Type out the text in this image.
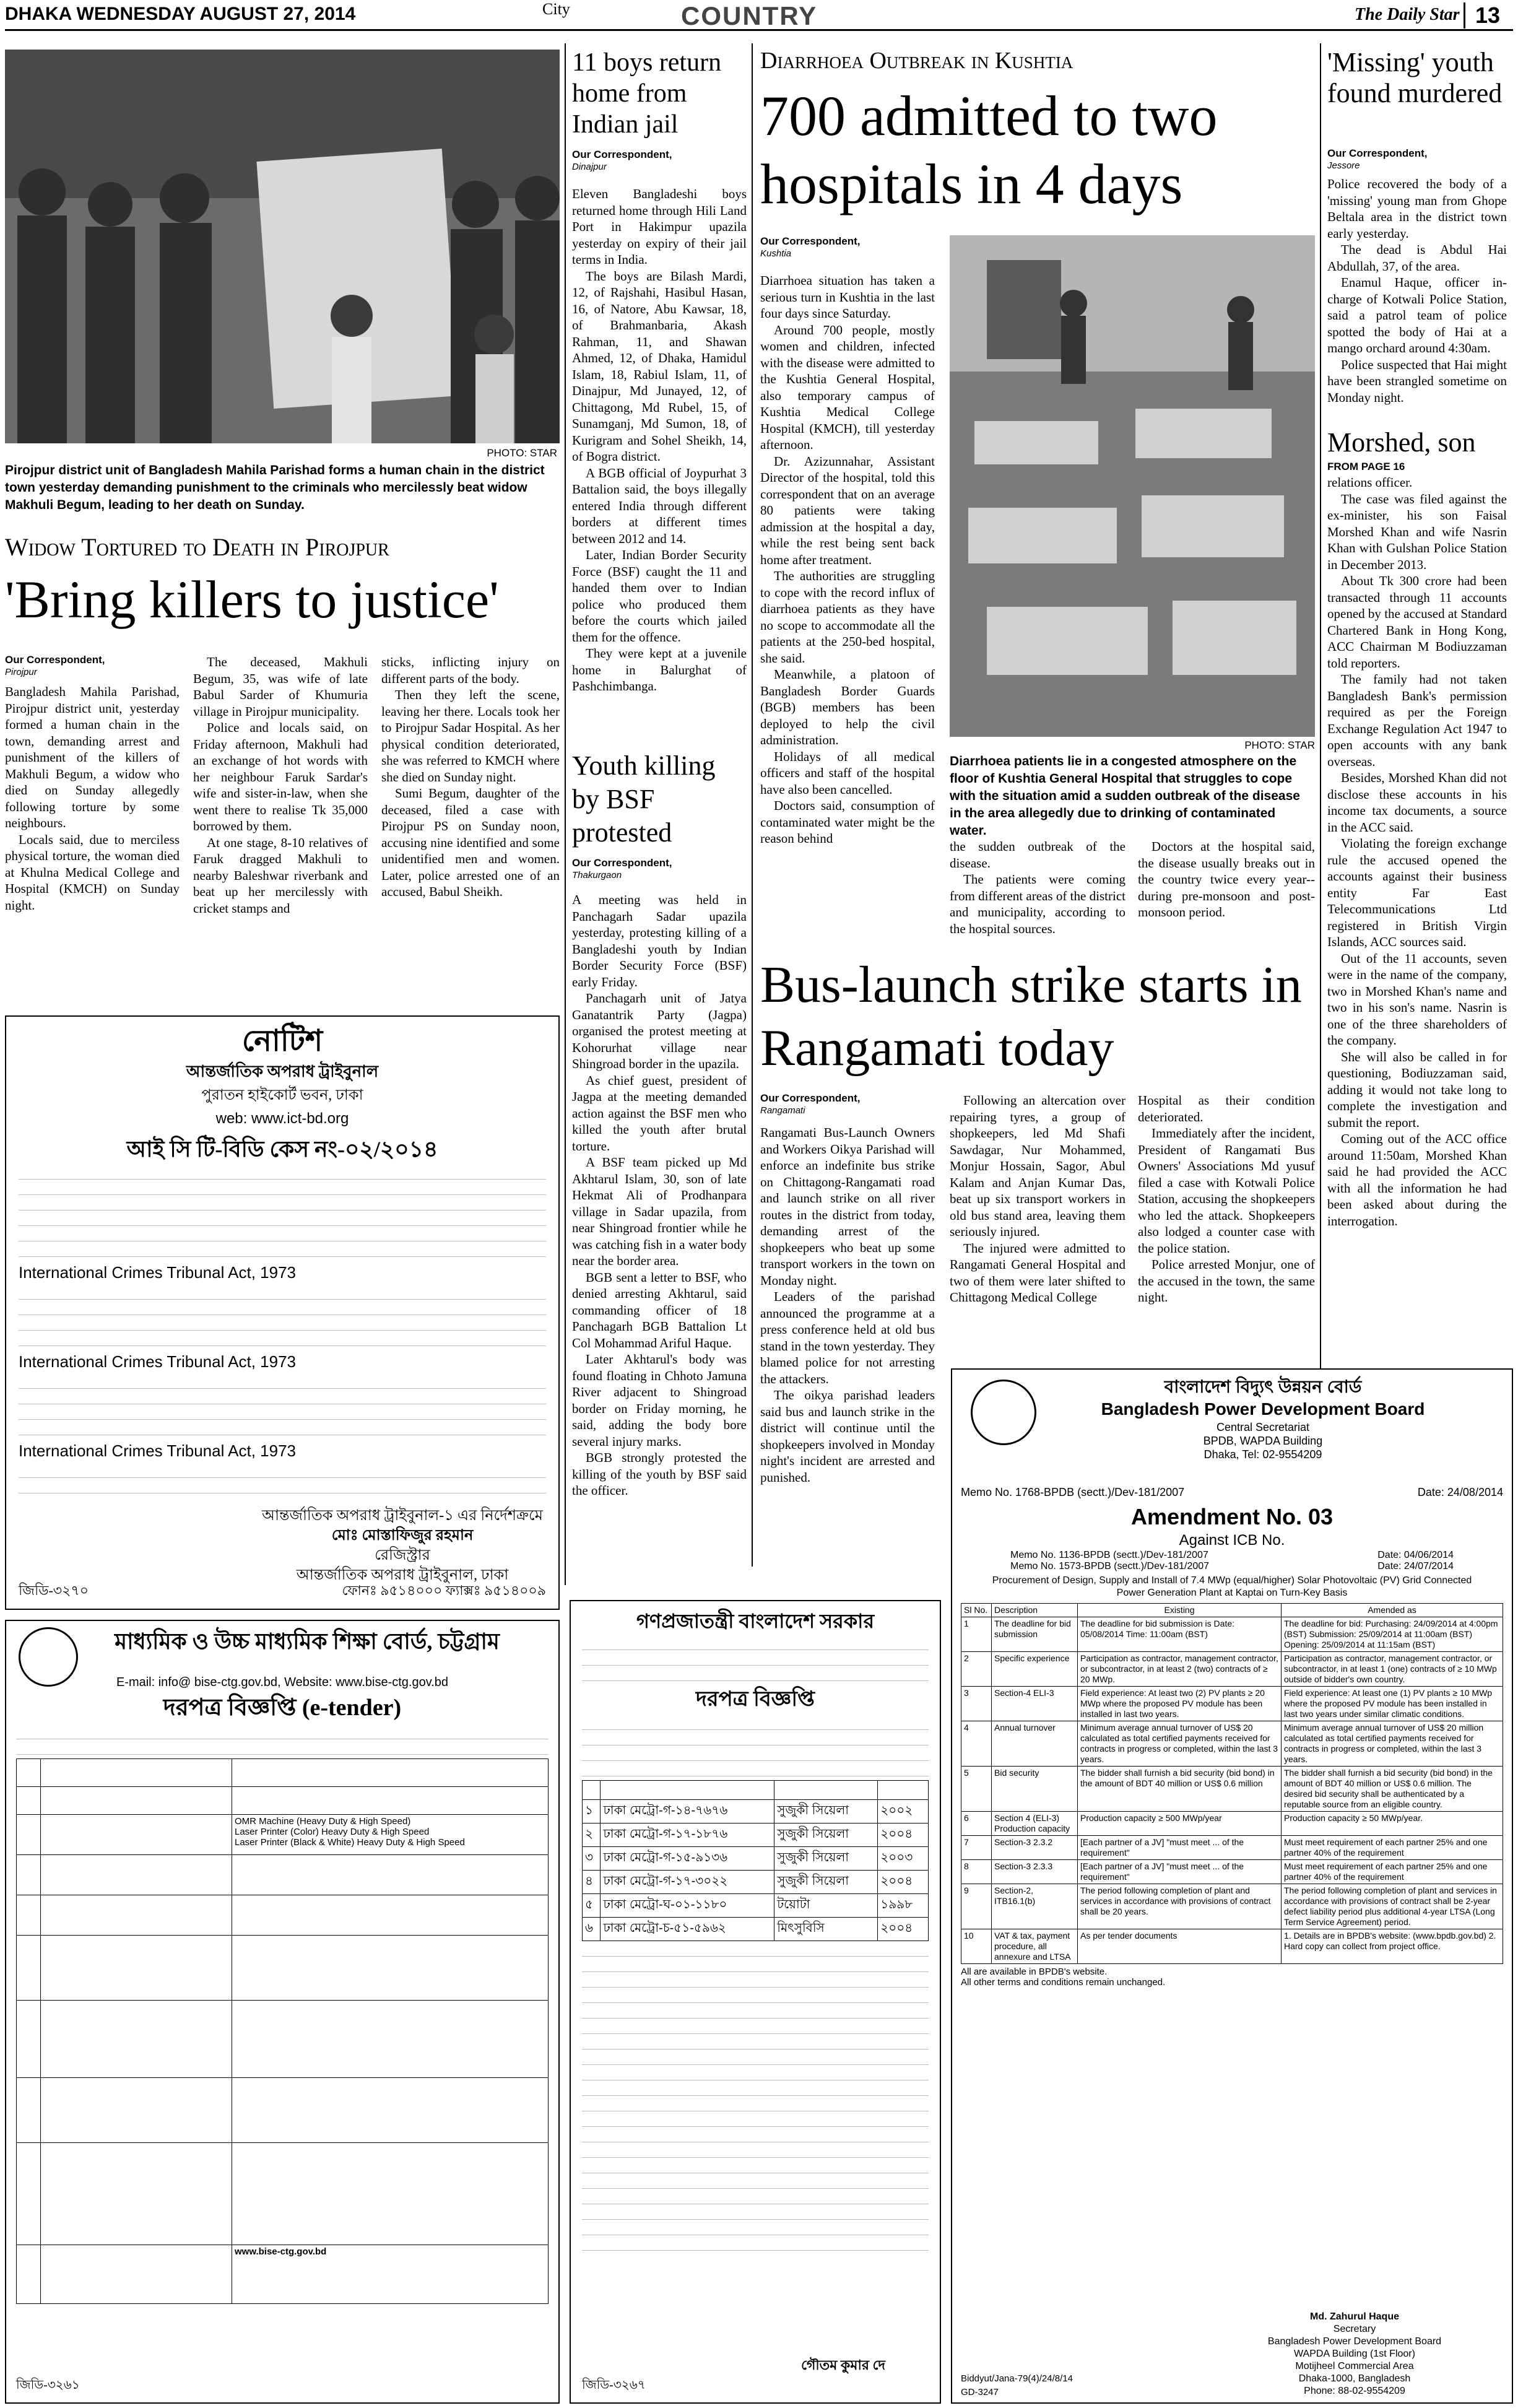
DHAKA WEDNESDAY AUGUST 27, 2014	City	COUNTRY	The Daily Star 13
PHOTO: STAR
Pirojpur district unit of Bangladesh Mahila Parishad forms a human chain in the district town yesterday demanding punishment to the criminals who mercilessly beat widow Makhuli Begum, leading to her death on Sunday.
Widow Tortured to Death in Pirojpur
'Bring killers to justice'
Our Correspondent,
Pirojpur

Bangladesh Mahila Parishad, Pirojpur district unit, yesterday formed a human chain in the town, demanding arrest and punishment of the killers of Makhuli Begum, a widow who died on Sunday allegedly following torture by some neighbours.

Locals said, due to merciless physical torture, the woman died at Khulna Medical College and Hospital (KMCH) on Sunday night.

The deceased, Makhuli Begum, 35, was wife of late Babul Sarder of Khumuria village in Pirojpur municipality.

Police and locals said, on Friday afternoon, Makhuli had an exchange of hot words with her neighbour Faruk Sardar's wife and sister-in-law, when she went there to realise Tk 35,000 borrowed by them.

At one stage, 8-10 relatives of Faruk dragged Makhuli to nearby Baleshwar riverbank and beat up her mercilessly with cricket stamps and

sticks, inflicting injury on different parts of the body.

Then they left the scene, leaving her there. Locals took her to Pirojpur Sadar Hospital. As her physical condition deteriorated, she was referred to KMCH where she died on Sunday night.

Sumi Begum, daughter of the deceased, filed a case with Pirojpur PS on Sunday noon, accusing nine identified and some unidentified men and women. Later, police arrested one of an accused, Babul Sheikh.

11 boys return home from Indian jail
Our Correspondent,
Dinajpur

Eleven Bangladeshi boys returned home through Hili Land Port in Hakimpur upazila yesterday on expiry of their jail terms in India.

The boys are Bilash Mardi, 12, of Rajshahi, Hasibul Hasan, 16, of Natore, Abu Kawsar, 18, of Brahmanbaria, Akash Rahman, 11, and Shawan Ahmed, 12, of Dhaka, Hamidul Islam, 18, Rabiul Islam, 11, of Dinajpur, Md Junayed, 12, of Chittagong, Md Rubel, 15, of Sunamganj, Md Sumon, 18, of Kurigram and Sohel Sheikh, 14, of Bogra district.

A BGB official of Joypurhat 3 Battalion said, the boys illegally entered India through different borders at different times between 2012 and 14.

Later, Indian Border Security Force (BSF) caught the 11 and handed them over to Indian police who produced them before the courts which jailed them for the offence.

They were kept at a juvenile home in Balurghat of Pashchimbanga.

Youth killing by BSF protested
Our Correspondent,
Thakurgaon

A meeting was held in Panchagarh Sadar upazila yesterday, protesting killing of a Bangladeshi youth by Indian Border Security Force (BSF) early Friday.

Panchagarh unit of Jatya Ganatantrik Party (Jagpa) organised the protest meeting at Kohorurhat village near Shingroad border in the upazila.

As chief guest, president of Jagpa at the meeting demanded action against the BSF men who killed the youth after brutal torture.

A BSF team picked up Md Akhtarul Islam, 30, son of late Hekmat Ali of Prodhanpara village in Sadar upazila, from near Shingroad frontier while he was catching fish in a water body near the border area.

BGB sent a letter to BSF, who denied arresting Akhtarul, said commanding officer of 18 Panchagarh BGB Battalion Lt Col Mohammad Ariful Haque.

Later Akhtarul's body was found floating in Chhoto Jamuna River adjacent to Shingroad border on Friday morning, he said, adding the body bore several injury marks.

BGB strongly protested the killing of the youth by BSF said the officer.

Diarrhoea Outbreak in Kushtia
700 admitted to two hospitals in 4 days
Our Correspondent,
Kushtia

Diarrhoea situation has taken a serious turn in Kushtia in the last four days since Saturday.

Around 700 people, mostly women and children, infected with the disease were admitted to the Kushtia General Hospital, also temporary campus of Kushtia Medical College Hospital (KMCH), till yesterday afternoon.

Dr. Azizunnahar, Assistant Director of the hospital, told this correspondent that on an average 80 patients were taking admission at the hospital a day, while the rest being sent back home after treatment.

The authorities are struggling to cope with the record influx of diarrhoea patients as they have no scope to accommodate all the patients at the 250-bed hospital, she said.

Meanwhile, a platoon of Bangladesh Border Guards (BGB) members has been deployed to help the civil administration.

Holidays of all medical officers and staff of the hospital have also been cancelled.

Doctors said, consumption of contaminated water might be the reason behind

PHOTO: STAR
Diarrhoea patients lie in a congested atmosphere on the floor of Kushtia General Hospital that struggles to cope with the situation amid a sudden outbreak of the disease in the area allegedly due to drinking of contaminated water.

the sudden outbreak of the disease.

The patients were coming from different areas of the district and municipality, according to the hospital sources.

Doctors at the hospital said, the disease usually breaks out in the country twice every year--during pre-monsoon and post-monsoon period.

'Missing' youth found murdered
Our Correspondent,
Jessore

Police recovered the body of a 'missing' young man from Ghope Beltala area in the district town early yesterday.

The dead is Abdul Hai Abdullah, 37, of the area.

Enamul Haque, officer in-charge of Kotwali Police Station, said a patrol team of police spotted the body of Hai at a mango orchard around 4:30am.

Police suspected that Hai might have been strangled sometime on Monday night.

Morshed, son
FROM PAGE 16

relations officer.

The case was filed against the ex-minister, his son Faisal Morshed Khan and wife Nasrin Khan with Gulshan Police Station in December 2013.

About Tk 300 crore had been transacted through 11 accounts opened by the accused at Standard Chartered Bank in Hong Kong, ACC Chairman M Bodiuzzaman told reporters.

The family had not taken Bangladesh Bank's permission required as per the Foreign Exchange Regulation Act 1947 to open accounts with any bank overseas.

Besides, Morshed Khan did not disclose these accounts in his income tax documents, a source in the ACC said.

Violating the foreign exchange rule the accused opened the accounts against their business entity Far East Telecommunications Ltd registered in British Virgin Islands, ACC sources said.

Out of the 11 accounts, seven were in the name of the company, two in Morshed Khan's name and two in his son's name. Nasrin is one of the three shareholders of the company.

She will also be called in for questioning, Bodiuzzaman said, adding it would not take long to complete the investigation and submit the report.

Coming out of the ACC office around 11:50am, Morshed Khan said he had provided the ACC with all the information he had been asked about during the interrogation.

Bus-launch strike starts in Rangamati today
Our Correspondent,
Rangamati

Rangamati Bus-Launch Owners and Workers Oikya Parishad will enforce an indefinite bus strike on Chittagong-Rangamati road and launch strike on all river routes in the district from today, demanding arrest of the shopkeepers who beat up some transport workers in the town on Monday night.

Leaders of the parishad announced the programme at a press conference held at old bus stand in the town yesterday. They blamed police for not arresting the attackers.

The oikya parishad leaders said bus and launch strike in the district will continue until the shopkeepers involved in Monday night's incident are arrested and punished.

Following an altercation over repairing tyres, a group of shopkeepers, led Md Shafi Sawdagar, Nur Mohammed, Monjur Hossain, Sagor, Abul Kalam and Anjan Kumar Das, beat up six transport workers in old bus stand area, leaving them seriously injured.

The injured were admitted to Rangamati General Hospital and two of them were later shifted to Chittagong Medical College

Hospital as their condition deteriorated.

Immediately after the incident, President of Rangamati Bus Owners' Associations Md yusuf filed a case with Kotwali Police Station, accusing the shopkeepers who led the attack. Shopkeepers also lodged a counter case with the police station.

Police arrested Monjur, one of the accused in the town, the same night.

নোটিশ
আন্তর্জাতিক অপরাধ ট্রাইবুনাল
পুরাতন হাইকোর্ট ভবন, ঢাকা
web: www.ict-bd.org
আই সি টি-বিডি কেস নং-০২/২০১৪
International Crimes Tribunal Act, 1973
International Crimes Tribunal Act, 1973
International Crimes Tribunal Act, 1973
আন্তর্জাতিক অপরাধ ট্রাইবুনাল-১ এর নির্দেশক্রমে
মোঃ মোস্তাফিজুর রহমান
রেজিস্ট্রার
আন্তর্জাতিক অপরাধ ট্রাইবুনাল, ঢাকা
জিডি-৩২৭০	ফোনঃ ৯৫১৪০০০ ফ্যাক্সঃ ৯৫১৪০০৯
মাধ্যমিক ও উচ্চ মাধ্যমিক শিক্ষা বোর্ড, চট্টগ্রাম
E-mail: info@ bise-ctg.gov.bd, Website: www.bise-ctg.gov.bd
দরপত্র বিজ্ঞপ্তি (e-tender)

		OMR Machine (Heavy Duty & High Speed)
Laser Printer (Color) Heavy Duty & High Speed
Laser Printer (Black & White) Heavy Duty & High Speed

		www.bise-ctg.gov.bd
জিডি-৩২৬১
গণপ্রজাতন্ত্রী বাংলাদেশ সরকার
দরপত্র বিজ্ঞপ্তি

১	ঢাকা মেট্রো-গ-১৪-৭৬৭৬	সুজুকী সিয়েলা	২০০২
২	ঢাকা মেট্রো-গ-১৭-১৮৭৬	সুজুকী সিয়েলা	২০০৪
৩	ঢাকা মেট্রো-গ-১৫-৯১৩৬	সুজুকী সিয়েলা	২০০৩
৪	ঢাকা মেট্রো-গ-১৭-৩০২২	সুজুকী সিয়েলা	২০০৪
৫	ঢাকা মেট্রো-ঘ-০১-১১৮০	টয়োটা	১৯৯৮
৬	ঢাকা মেট্রো-চ-৫১-৫৯৬২	মিৎসুবিসি	২০০৪
গৌতম কুমার দে
জিডি-৩২৬৭
বাংলাদেশ বিদ্যুৎ উন্নয়ন বোর্ড
Bangladesh Power Development Board
Central Secretariat
BPDB, WAPDA Building
Dhaka, Tel: 02-9554209
Memo No. 1768-BPDB (sectt.)/Dev-181/2007	Date: 24/08/2014
Amendment No. 03
Against ICB No.
Memo No. 1136-BPDB (sectt.)/Dev-181/2007	Date: 04/06/2014
Memo No. 1573-BPDB (sectt.)/Dev-181/2007	Date: 24/07/2014
Procurement of Design, Supply and Install of 7.4 MWp (equal/higher) Solar Photovoltaic (PV) Grid Connected Power Generation Plant at Kaptai on Turn-Key Basis
Sl No.	Description	Existing	Amended as
1	The deadline for bid submission	The deadline for bid submission is Date: 05/08/2014 Time: 11:00am (BST)	The deadline for bid: Purchasing: 24/09/2014 at 4:00pm (BST) Submission: 25/09/2014 at 11:00am (BST) Opening: 25/09/2014 at 11:15am (BST)
2	Specific experience	Participation as contractor, management contractor, or subcontractor, in at least 2 (two) contracts of ≥ 20 MWp.	Participation as contractor, management contractor, or subcontractor, in at least 1 (one) contracts of ≥ 10 MWp outside of bidder's own country.
3	Section-4 ELI-3	Field experience: At least two (2) PV plants ≥ 20 MWp where the proposed PV module has been installed in last two years.	Field experience: At least one (1) PV plants ≥ 10 MWp where the proposed PV module has been installed in last two years under similar climatic conditions.
4	Annual turnover	Minimum average annual turnover of US$ 20 calculated as total certified payments received for contracts in progress or completed, within the last 3 years.	Minimum average annual turnover of US$ 20 million calculated as total certified payments received for contracts in progress or completed, within the last 3 years.
5	Bid security	The bidder shall furnish a bid security (bid bond) in the amount of BDT 40 million or US$ 0.6 million	The bidder shall furnish a bid security (bid bond) in the amount of BDT 40 million or US$ 0.6 million. The desired bid security shall be authenticated by a reputable source from an eligible country.
6	Section 4 (ELI-3) Production capacity	Production capacity ≥ 500 MWp/year	Production capacity ≥ 50 MWp/year.
7	Section-3 2.3.2	[Each partner of a JV] "must meet ... of the requirement"	Must meet requirement of each partner 25% and one partner 40% of the requirement
8	Section-3 2.3.3	[Each partner of a JV] "must meet ... of the requirement"	Must meet requirement of each partner 25% and one partner 40% of the requirement
9	Section-2, ITB16.1(b)	The period following completion of plant and services in accordance with provisions of contract shall be 20 years.	The period following completion of plant and services in accordance with provisions of contract shall be 2-year defect liability period plus additional 4-year LTSA (Long Term Service Agreement) period.
10	VAT & tax, payment procedure, all annexure and LTSA	As per tender documents	1. Details are in BPDB's website: (www.bpdb.gov.bd) 2. Hard copy can collect from project office.
All are available in BPDB's website.
All other terms and conditions remain unchanged.
Md. Zahurul Haque
Secretary
Bangladesh Power Development Board
WAPDA Building (1st Floor)
Motijheel Commercial Area
Dhaka-1000, Bangladesh
Phone: 88-02-9554209
Biddyut/Jana-79(4)/24/8/14
GD-3247
